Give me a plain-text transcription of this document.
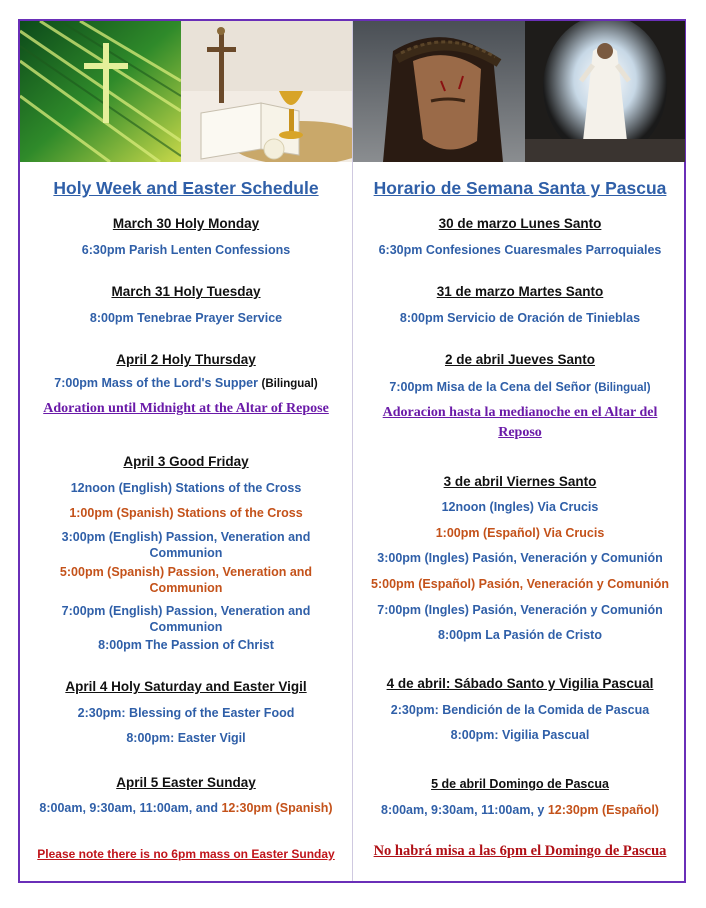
Holy Week and Easter Schedule
March 30 Holy Monday
6:30pm Parish Lenten Confessions
March 31 Holy Tuesday
8:00pm Tenebrae Prayer Service
April 2 Holy Thursday
7:00pm Mass of the Lord's Supper (Bilingual)
Adoration until Midnight at the Altar of Repose
April 3 Good Friday
12noon (English) Stations of the Cross
1:00pm (Spanish) Stations of the Cross
3:00pm (English) Passion, Veneration and Communion
5:00pm (Spanish) Passion, Veneration and Communion
7:00pm (English) Passion, Veneration and Communion
8:00pm The Passion of Christ
April 4 Holy Saturday and Easter Vigil
2:30pm: Blessing of the Easter Food
8:00pm: Easter Vigil
April 5 Easter Sunday
8:00am, 9:30am, 11:00am, and 12:30pm (Spanish)
Please note there is no 6pm mass on Easter Sunday
Horario de Semana Santa y Pascua
30 de marzo Lunes Santo
6:30pm Confesiones Cuaresmales Parroquiales
31 de marzo Martes Santo
8:00pm Servicio de Oración de Tinieblas
2 de abril Jueves Santo
7:00pm Misa de la Cena del Señor (Bilingual)
Adoracion hasta la medianoche en el Altar del Reposo
3 de abril Viernes Santo
12noon (Ingles) Via Crucis
1:00pm (Español) Via Crucis
3:00pm (Ingles) Pasión, Veneración y Comunión
5:00pm (Español) Pasión, Veneración y Comunión
7:00pm (Ingles) Pasión, Veneración y Comunión
8:00pm La Pasión de Cristo
4 de abril: Sábado Santo y Vigilia Pascual
2:30pm: Bendición de la Comida de Pascua
8:00pm: Vigilia Pascual
5 de abril Domingo de Pascua
8:00am, 9:30am, 11:00am, y 12:30pm (Español)
No habrá misa a las 6pm el Domingo de Pascua
